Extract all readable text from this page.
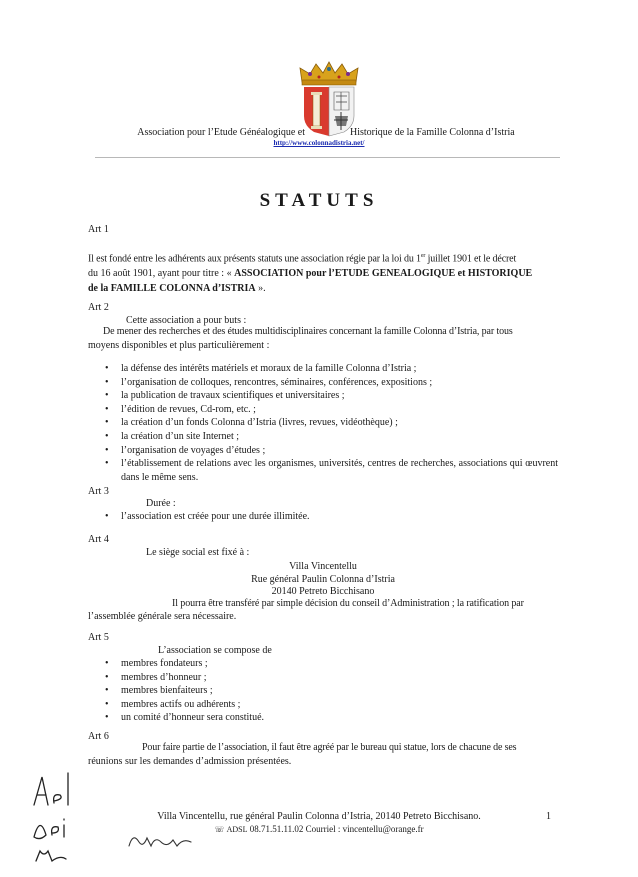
Association pour l’Etude Généalogique et	Historique de la Famille Colonna d’Istria
http://www.colonnadistria.net/
STATUTS
Art 1
Il est fondé entre les adhérents aux présents statuts une association régie par la loi du 1er juillet 1901 et le décret
du 16 août 1901, ayant pour titre : « ASSOCIATION pour l’ETUDE GENEALOGIQUE et HISTORIQUE
de la FAMILLE COLONNA d’ISTRIA ».
Art 2
Cette association a pour buts :
De mener des recherches et des études multidisciplinaires concernant la famille Colonna d’Istria, par tous
moyens disponibles et plus particulièrement :
• la défense des intérêts matériels et moraux de la famille Colonna d’Istria ;
• l’organisation de colloques, rencontres, séminaires, conférences, expositions ;
• la publication de travaux scientifiques et universitaires ;
• l’édition de revues, Cd-rom, etc. ;
• la création d’un fonds Colonna d’Istria (livres, revues, vidéothèque) ;
• la création d’un site Internet ;
• l’organisation de voyages d’études ;
• l’établissement de relations avec les organismes, universités, centres de recherches, associations qui œuvrent dans le même sens.
Art 3
Durée :
• l’association est créée pour une durée illimitée.
Art 4
Le siège social est fixé à :
Villa Vincentellu
Rue général Paulin Colonna d’Istria
20140 Petreto Bicchisano
Il pourra être transféré par simple décision du conseil d’Administration ; la ratification par
l’assemblée générale sera nécessaire.
Art 5
L’association se compose de
• membres fondateurs ;
• membres d’honneur ;
• membres bienfaiteurs ;
• membres actifs ou adhérents ;
• un comité d’honneur sera constitué.
Art 6
Pour faire partie de l’association, il faut être agréé par le bureau qui statue, lors de chacune de ses
réunions sur les demandes d’admission présentées.
Villa Vincentellu, rue général Paulin Colonna d’Istria, 20140 Petreto Bicchisano.	1
☏ ADSL 08.71.51.11.02 Courriel : vincentellu@orange.fr
